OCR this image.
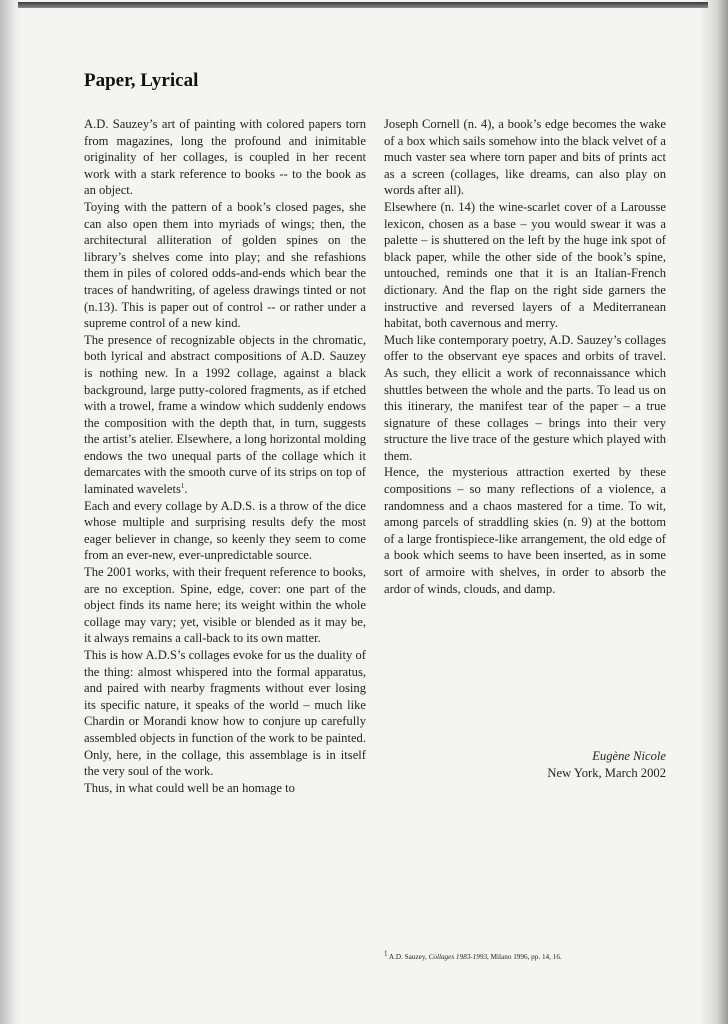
Paper, Lyrical

A.D. Sauzey’s art of painting with colored papers torn from magazines, long the profound and inimitable originality of her collages, is coupled in her recent work with a stark reference to books -- to the book as an object.

Toying with the pattern of a book’s closed pages, she can also open them into myriads of wings; then, the architectural alliteration of golden spines on the library’s shelves come into play; and she refashions them in piles of colored odds-and-ends which bear the traces of handwriting, of ageless drawings tinted or not (n.13). This is paper out of control -- or rather under a supreme control of a new kind.

The presence of recognizable objects in the chromatic, both lyrical and abstract compositions of A.D. Sauzey is nothing new. In a 1992 collage, against a black background, large putty-colored fragments, as if etched with a trowel, frame a window which suddenly endows the composition with the depth that, in turn, suggests the artist’s atelier. Elsewhere, a long horizontal molding endows the two unequal parts of the collage which it demarcates with the smooth curve of its strips on top of laminated wavelets$^1$.

Each and every collage by A.D.S. is a throw of the dice whose multiple and surprising results defy the most eager believer in change, so keenly they seem to come from an ever-new, ever-unpredictable source.

The 2001 works, with their frequent reference to books, are no exception. Spine, edge, cover: one part of the object finds its name here; its weight within the whole collage may vary; yet, visible or blended as it may be, it always remains a call-back to its own matter.

This is how A.D.S’s collages evoke for us the duality of the thing: almost whispered into the formal apparatus, and paired with nearby fragments without ever losing its specific nature, it speaks of the world – much like Chardin or Morandi know how to conjure up carefully assembled objects in function of the work to be painted. Only, here, in the collage, this assemblage is in itself the very soul of the work.

Thus, in what could well be an homage to

Joseph Cornell (n. 4), a book’s edge becomes the wake of a box which sails somehow into the black velvet of a much vaster sea where torn paper and bits of prints act as a screen (collages, like dreams, can also play on words after all).

Elsewhere (n. 14) the wine-scarlet cover of a Larousse lexicon, chosen as a base – you would swear it was a palette – is shuttered on the left by the huge ink spot of black paper, while the other side of the book’s spine, untouched, reminds one that it is an Italian-French dictionary. And the flap on the right side garners the instructive and reversed layers of a Mediterranean habitat, both cavernous and merry.

Much like contemporary poetry, A.D. Sauzey’s collages offer to the observant eye spaces and orbits of travel. As such, they ellicit a work of reconnaissance which shuttles between the whole and the parts. To lead us on this itinerary, the manifest tear of the paper – a true signature of these collages – brings into their very structure the live trace of the gesture which played with them.

Hence, the mysterious attraction exerted by these compositions – so many reflections of a violence, a randomness and a chaos mastered for a time. To wit, among parcels of straddling skies (n. 9) at the bottom of a large frontispiece-like arrangement, the old edge of a book which seems to have been inserted, as in some sort of armoire with shelves, in order to absorb the ardor of winds, clouds, and damp.

Eugène Nicole
New York, March 2002
1 A.D. Sauzey, Collages 1983-1993, Milano 1996, pp. 14, 16.
